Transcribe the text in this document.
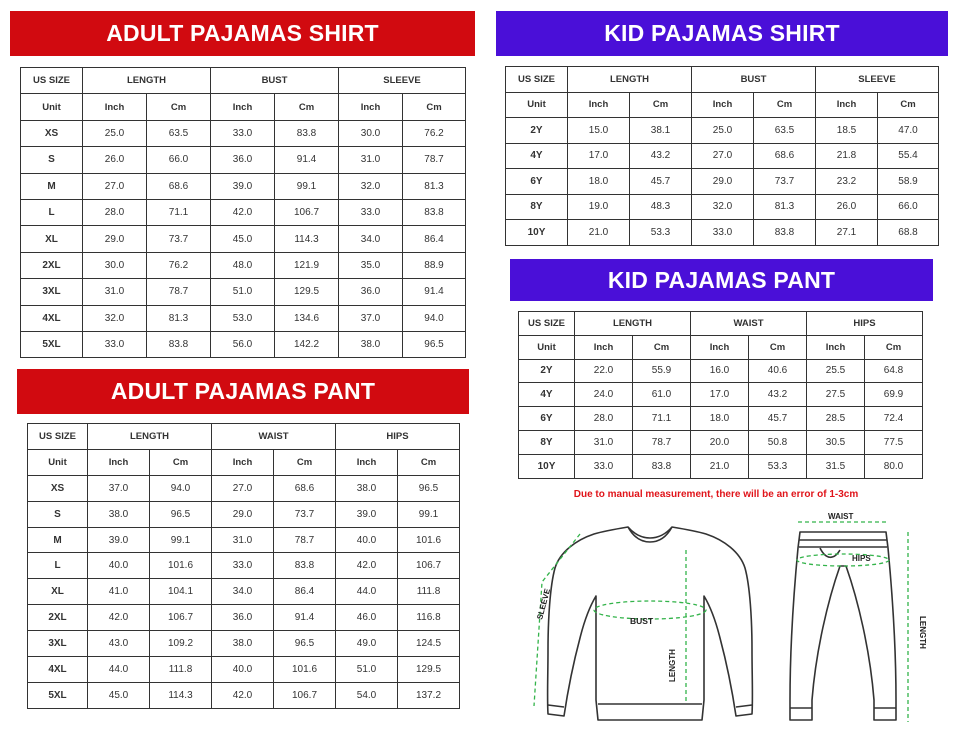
ADULT PAJAMAS SHIRT
US SIZE	LENGTH		BUST		SLEEVE	
Unit	Inch	Cm	Inch	Cm	Inch	Cm
XS	25.0	63.5	33.0	83.8	30.0	76.2
S	26.0	66.0	36.0	91.4	31.0	78.7
M	27.0	68.6	39.0	99.1	32.0	81.3
L	28.0	71.1	42.0	106.7	33.0	83.8
XL	29.0	73.7	45.0	114.3	34.0	86.4
2XL	30.0	76.2	48.0	121.9	35.0	88.9
3XL	31.0	78.7	51.0	129.5	36.0	91.4
4XL	32.0	81.3	53.0	134.6	37.0	94.0
5XL	33.0	83.8	56.0	142.2	38.0	96.5
ADULT PAJAMAS PANT
US SIZE	LENGTH		WAIST		HIPS	
Unit	Inch	Cm	Inch	Cm	Inch	Cm
XS	37.0	94.0	27.0	68.6	38.0	96.5
S	38.0	96.5	29.0	73.7	39.0	99.1
M	39.0	99.1	31.0	78.7	40.0	101.6
L	40.0	101.6	33.0	83.8	42.0	106.7
XL	41.0	104.1	34.0	86.4	44.0	111.8
2XL	42.0	106.7	36.0	91.4	46.0	116.8
3XL	43.0	109.2	38.0	96.5	49.0	124.5
4XL	44.0	111.8	40.0	101.6	51.0	129.5
5XL	45.0	114.3	42.0	106.7	54.0	137.2
KID PAJAMAS SHIRT
US SIZE	LENGTH		BUST		SLEEVE	
Unit	Inch	Cm	Inch	Cm	Inch	Cm
2Y	15.0	38.1	25.0	63.5	18.5	47.0
4Y	17.0	43.2	27.0	68.6	21.8	55.4
6Y	18.0	45.7	29.0	73.7	23.2	58.9
8Y	19.0	48.3	32.0	81.3	26.0	66.0
10Y	21.0	53.3	33.0	83.8	27.1	68.8
KID PAJAMAS PANT
US SIZE	LENGTH		WAIST		HIPS	
Unit	Inch	Cm	Inch	Cm	Inch	Cm
2Y	22.0	55.9	16.0	40.6	25.5	64.8
4Y	24.0	61.0	17.0	43.2	27.5	69.9
6Y	28.0	71.1	18.0	45.7	28.5	72.4
8Y	31.0	78.7	20.0	50.8	30.5	77.5
10Y	33.0	83.8	21.0	53.3	31.5	80.0
Due to manual measurement, there will be an error of 1-3cm
SLEEVE
BUST
LENGTH
WAIST
HIPS
LENGTH
